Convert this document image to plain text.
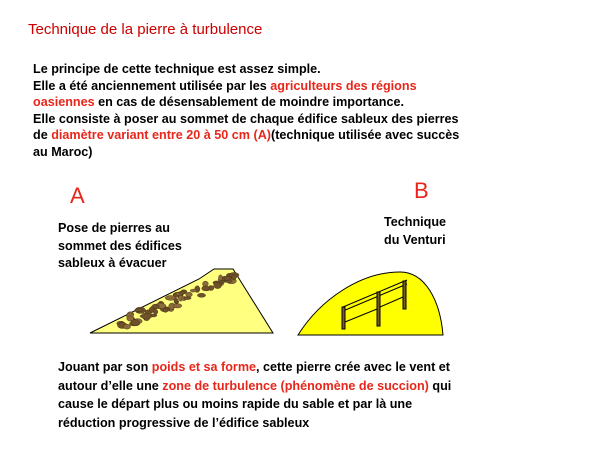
Technique de la pierre à turbulence
Le principe de cette technique est assez simple.
Elle a été anciennement utilisée par les agriculteurs des régions
oasiennes en cas de désensablement de moindre importance.
Elle consiste à poser au sommet de chaque édifice sableux des pierres
de diamètre variant entre 20 à 50 cm (A)(technique utilisée avec succès
au Maroc)
A
Pose de pierres au
sommet des édifices
sableux à évacuer
B
Technique
du Venturi
Jouant par son poids et sa forme, cette pierre crée avec le vent et
autour d’elle une zone de turbulence (phénomène de succion) qui
cause le départ plus ou moins rapide du sable et par là une
réduction progressive de l’édifice sableux
